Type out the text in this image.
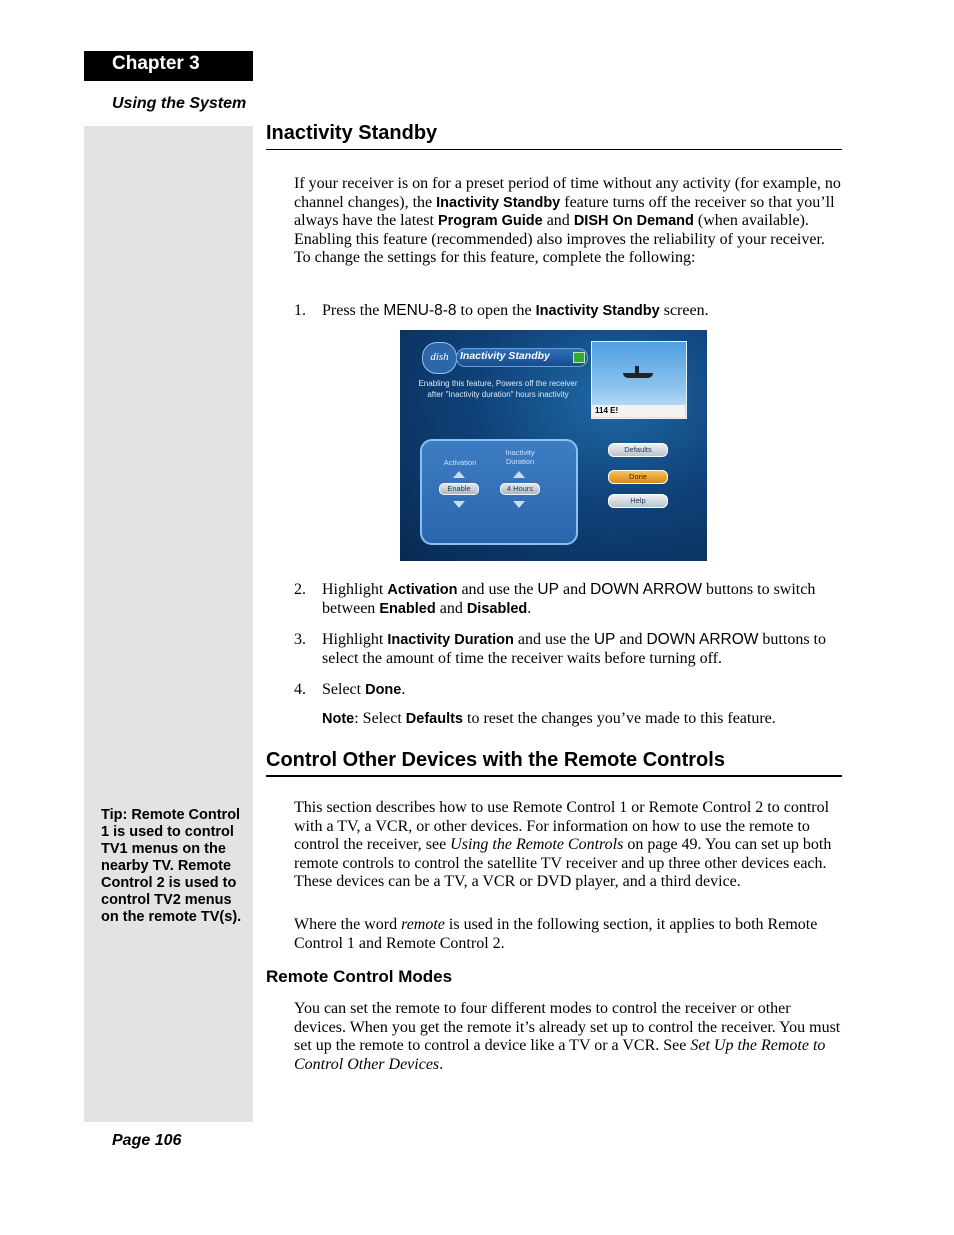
Chapter 3
Using the System
Tip: Remote Control 1 is used to control TV1 menus on the nearby TV. Remote Control 2 is used to control TV2 menus on the remote TV(s).
Inactivity Standby
If your receiver is on for a preset period of time without any activity (for example, no channel changes), the Inactivity Standby feature turns off the receiver so that you’ll always have the latest Program Guide and DISH On Demand (when available). Enabling this feature (recommended) also improves the reliability of your receiver. To change the settings for this feature, complete the following:
1. Press the MENU-8-8 to open the Inactivity Standby screen.
dish	Inactivity Standby
Enabling this feature, Powers off the receiver after "Inactivity duration" hours inactivity
114 E!
Activation
Inactivity Duration
Enable	4 Hours
Defaults
Done
Help
2. Highlight Activation and use the UP and DOWN ARROW buttons to switch between Enabled and Disabled.
3. Highlight Inactivity Duration and use the UP and DOWN ARROW buttons to select the amount of time the receiver waits before turning off.
4. Select Done.
Note: Select Defaults to reset the changes you’ve made to this feature.
Control Other Devices with the Remote Controls
This section describes how to use Remote Control 1 or Remote Control 2 to control with a TV, a VCR, or other devices. For information on how to use the remote to control the receiver, see Using the Remote Controls on page 49. You can set up both remote controls to control the satellite TV receiver and up three other devices each. These devices can be a TV, a VCR or DVD player, and a third device.
Where the word remote is used in the following section, it applies to both Remote Control 1 and Remote Control 2.
Remote Control Modes
You can set the remote to four different modes to control the receiver or other devices. When you get the remote it’s already set up to control the receiver. You must set up the remote to control a device like a TV or a VCR. See Set Up the Remote to Control Other Devices.
Page 106
